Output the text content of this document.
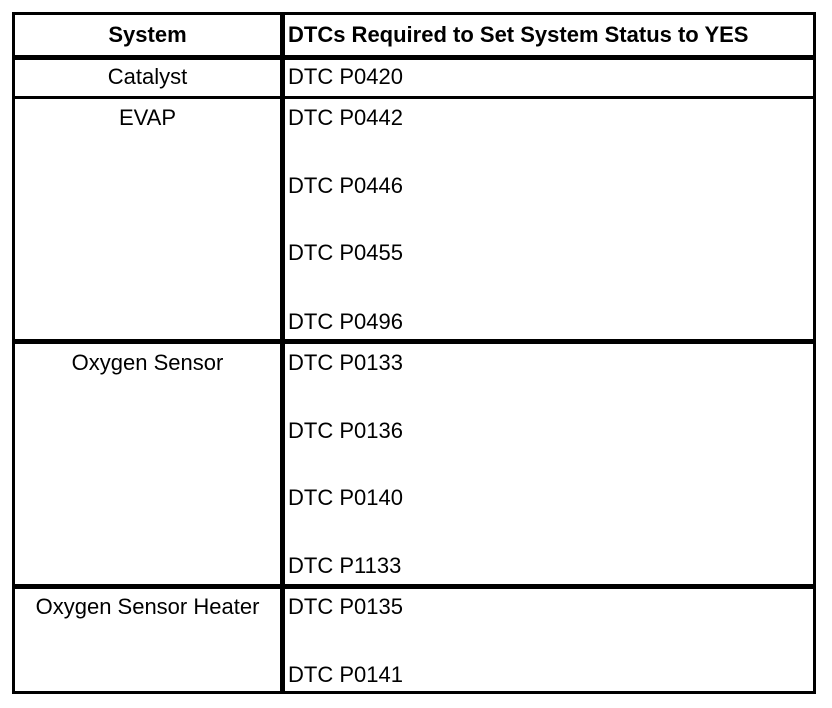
System	DTCs Required to Set System Status to YES
Catalyst	DTC P0420
EVAP	DTC P0442
DTC P0446
DTC P0455
DTC P0496
Oxygen Sensor	DTC P0133
DTC P0136
DTC P0140
DTC P1133
Oxygen Sensor Heater	DTC P0135
DTC P0141
